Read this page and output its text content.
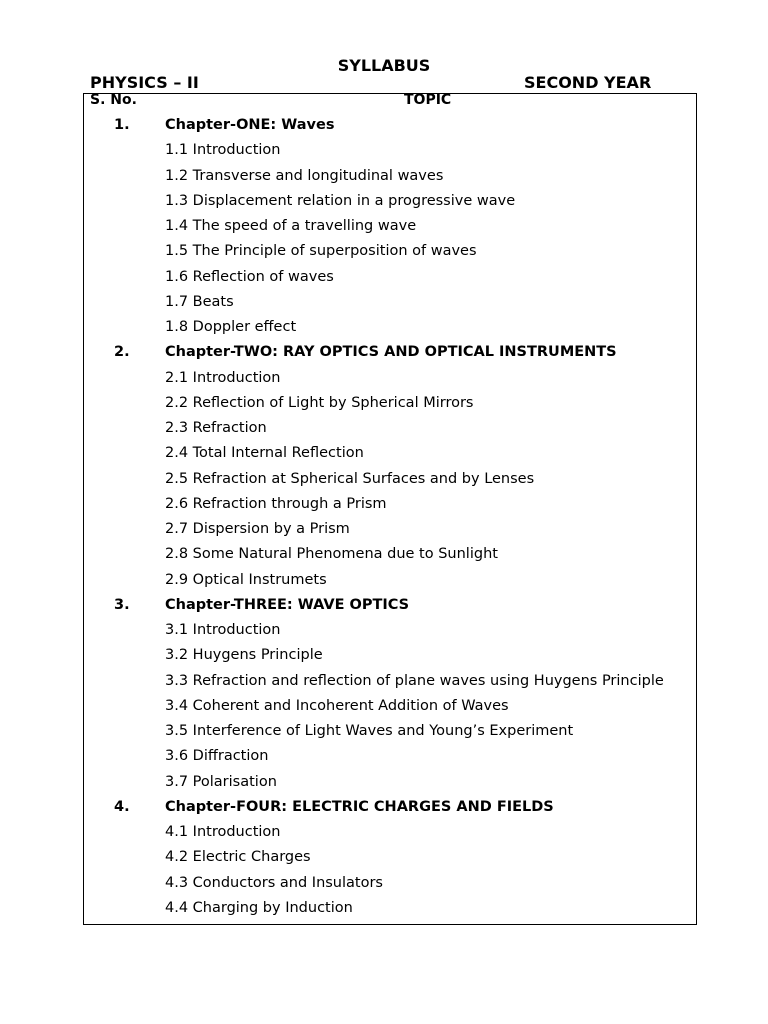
SYLLABUS
PHYSICS – II	SECOND YEAR
S. No.	TOPIC
1. Chapter-ONE: Waves
1.1 Introduction
1.2 Transverse and longitudinal waves
1.3 Displacement relation in a progressive wave
1.4 The speed of a travelling wave
1.5 The Principle of superposition of waves
1.6 Reflection of waves
1.7 Beats
1.8 Doppler effect
2. Chapter-TWO: RAY OPTICS AND OPTICAL INSTRUMENTS
2.1 Introduction
2.2 Reflection of Light by Spherical Mirrors
2.3 Refraction
2.4 Total Internal Reflection
2.5 Refraction at Spherical Surfaces and by Lenses
2.6 Refraction through a Prism
2.7 Dispersion by a Prism
2.8 Some Natural Phenomena due to Sunlight
2.9 Optical Instrumets
3. Chapter-THREE: WAVE OPTICS
3.1 Introduction
3.2 Huygens Principle
3.3 Refraction and reflection of plane waves using Huygens Principle
3.4 Coherent and Incoherent Addition of Waves
3.5 Interference of Light Waves and Young’s Experiment
3.6 Diffraction
3.7 Polarisation
4. Chapter-FOUR: ELECTRIC CHARGES AND FIELDS
4.1 Introduction
4.2 Electric Charges
4.3 Conductors and Insulators
4.4 Charging by Induction
